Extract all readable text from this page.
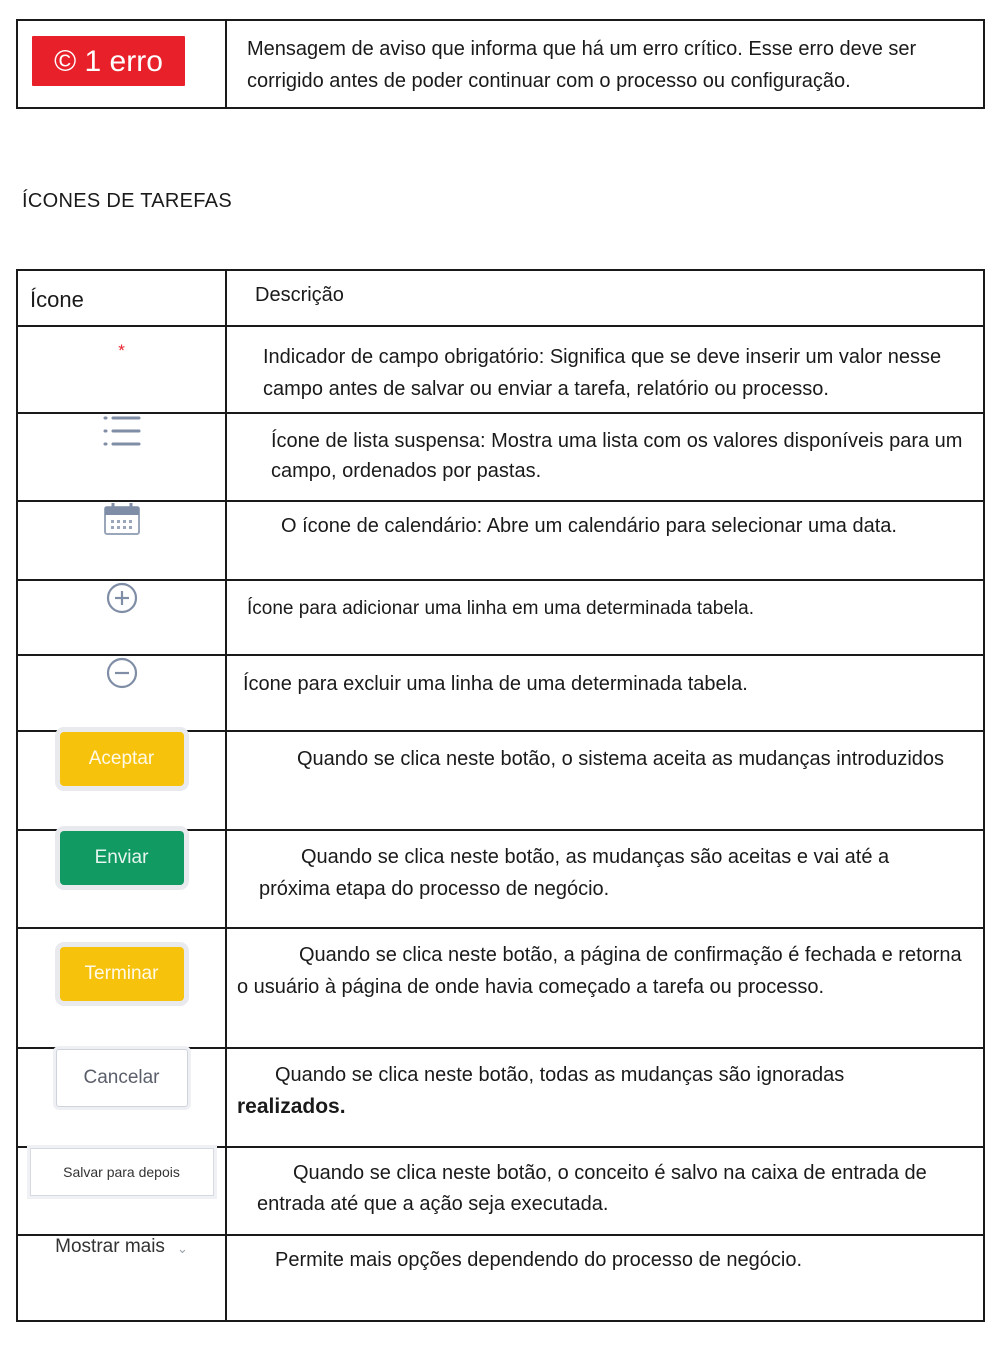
© 1 erro	Mensagem de aviso que informa que há um erro crítico. Esse erro deve ser corrigido antes de poder continuar com o processo ou configuração.
ÍCONES DE TAREFAS
Ícone	Descrição

*	Indicador de campo obrigatório: Significa que se deve inserir um valor nesse campo antes de salvar ou enviar a tarefa, relatório ou processo.

Ícone de lista suspensa: Mostra uma lista com os valores disponíveis para um campo, ordenados por pastas.

O ícone de calendário: Abre um calendário para selecionar uma data.

Ícone para adicionar uma linha em uma determinada tabela.

Ícone para excluir uma linha de uma determinada tabela.

Aceptar	Quando se clica neste botão, o sistema aceita as mudanças introduzidos

Enviar	Quando se clica neste botão, as mudanças são aceitas e vai até a próxima etapa do processo de negócio.

Terminar	Quando se clica neste botão, a página de confirmação é fechada e retorna o usuário à página de onde havia começado a tarefa ou processo.

Cancelar	Quando se clica neste botão, todas as mudanças são ignoradas
realizados.

Salvar para depois	Quando se clica neste botão, o conceito é salvo na caixa de entrada de entrada até que a ação seja executada.

Mostrar mais ⌄	Permite mais opções dependendo do processo de negócio.
